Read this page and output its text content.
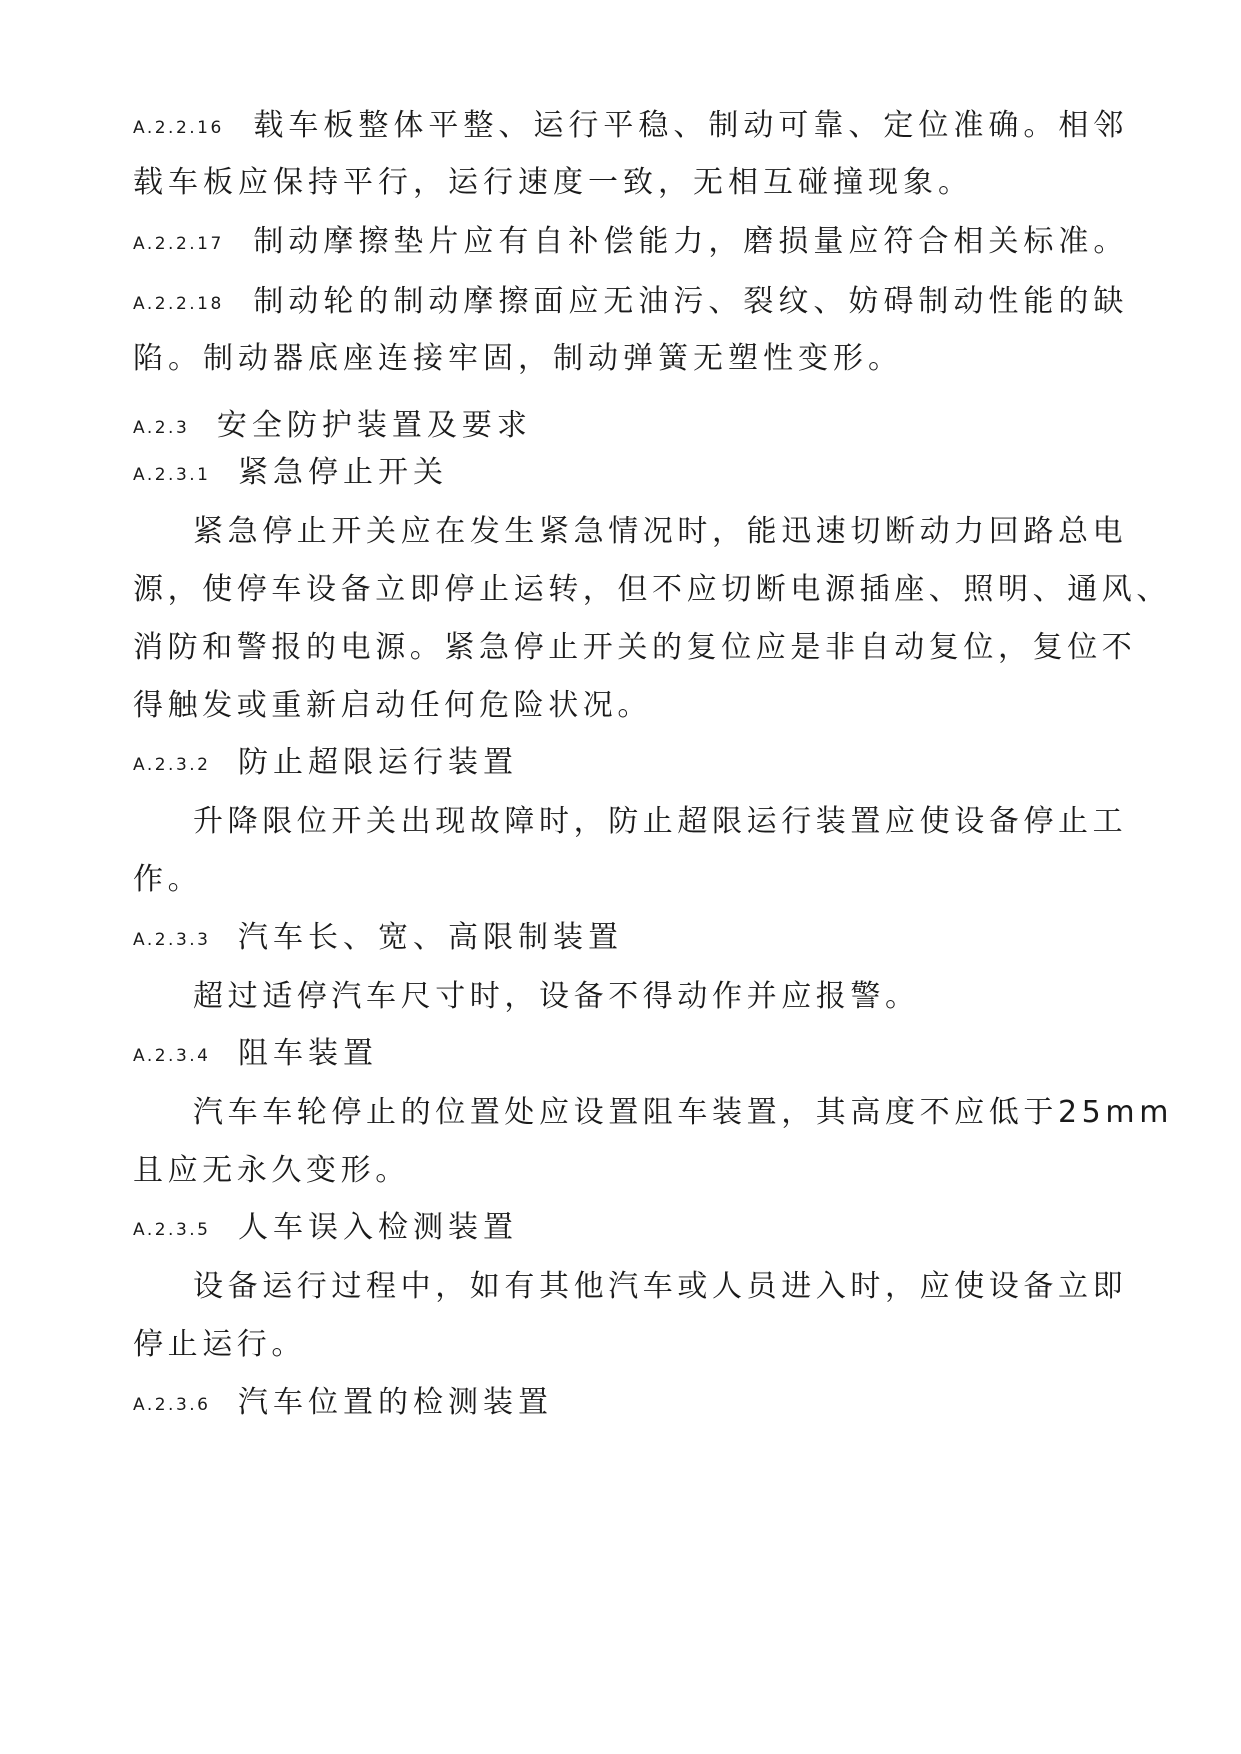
A.2.2.16 载车板整体平整、运行平稳、制动可靠、定位准确。相邻
载车板应保持平行，运行速度一致，无相互碰撞现象。
A.2.2.17 制动摩擦垫片应有自补偿能力，磨损量应符合相关标准。
A.2.2.18 制动轮的制动摩擦面应无油污、裂纹、妨碍制动性能的缺
陷。制动器底座连接牢固，制动弹簧无塑性变形。
A.2.3 安全防护装置及要求
A.2.3.1 紧急停止开关
紧急停止开关应在发生紧急情况时，能迅速切断动力回路总电
源，使停车设备立即停止运转，但不应切断电源插座、照明、通风、
消防和警报的电源。紧急停止开关的复位应是非自动复位，复位不
得触发或重新启动任何危险状况。
A.2.3.2 防止超限运行装置
升降限位开关出现故障时，防止超限运行装置应使设备停止工
作。
A.2.3.3 汽车长、宽、高限制装置
超过适停汽车尺寸时，设备不得动作并应报警。
A.2.3.4 阻车装置
汽车车轮停止的位置处应设置阻车装置，其高度不应低于25mm
且应无永久变形。
A.2.3.5 人车误入检测装置
设备运行过程中，如有其他汽车或人员进入时，应使设备立即
停止运行。
A.2.3.6 汽车位置的检测装置
